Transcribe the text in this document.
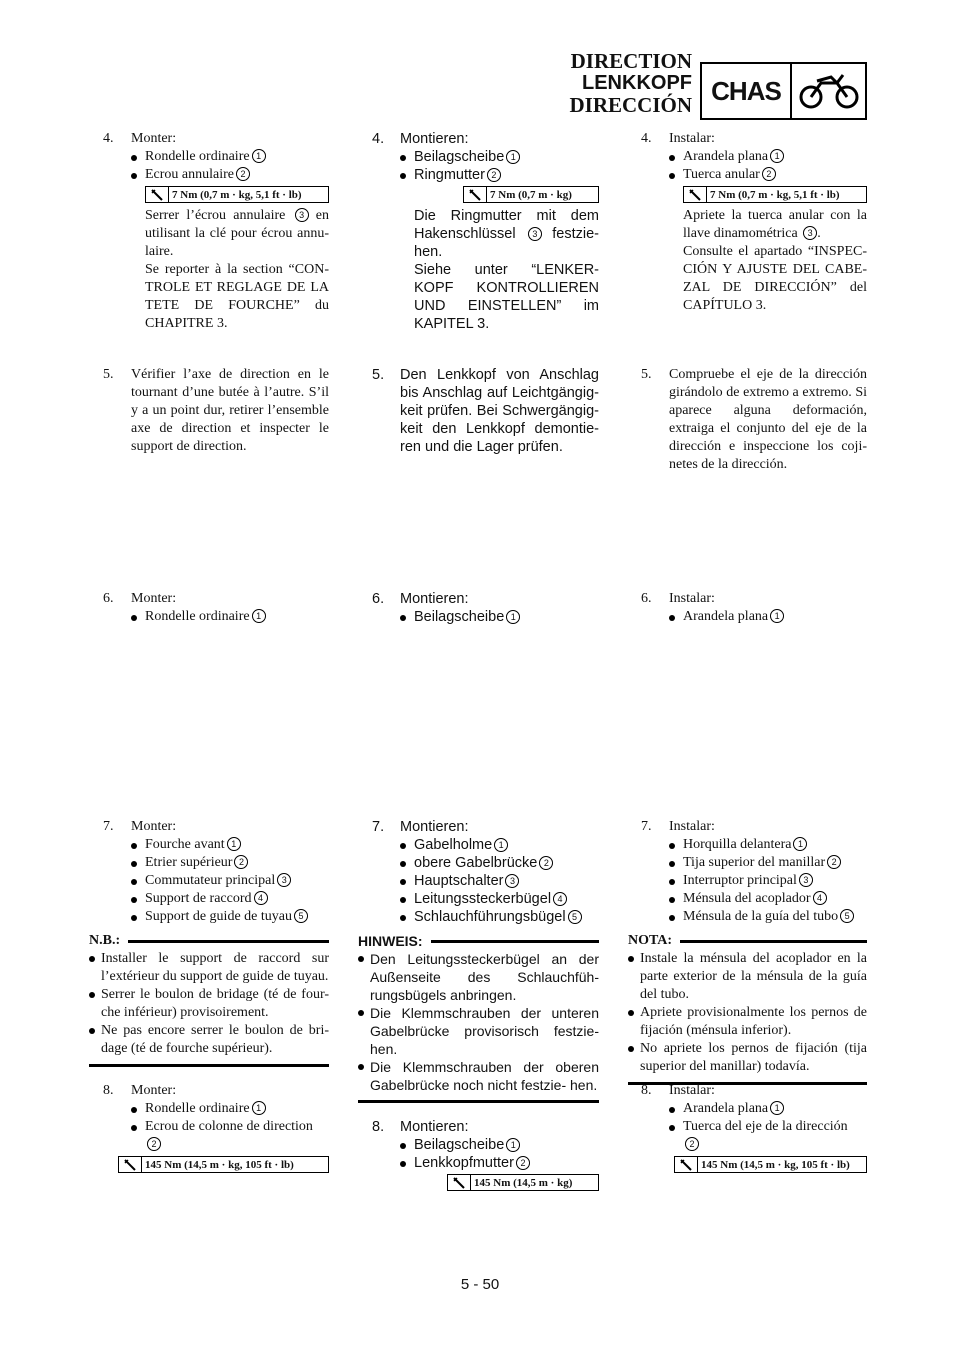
DIRECTION
LENKKOPF
DIRECCIÓN CHAS
4. Monter:
Rondelle ordinaire 1
Ecrou annulaire 2
7 Nm (0,7 m · kg, 5,1 ft · lb)
Serrer l’écrou annulaire 3 en utilisant la clé pour écrou annu- laire.
Se reporter à la section “CON- TROLE ET REGLAGE DE LA TETE DE FOURCHE” du CHAPITRE 3.
5. Vérifier l’axe de direction en le tournant d’une butée à l’autre. S’il y a un point dur, retirer l’ensemble axe de direction et inspecter le support de direction.
6. Monter:
Rondelle ordinaire 1
7. Monter:
Fourche avant 1
Etrier supérieur 2
Commutateur principal 3
Support de raccord 4
Support de guide de tuyau 5
N.B.:
Installer le support de raccord sur l’extérieur du support de guide de tuyau.
Serrer le boulon de bridage (té de four- che inférieur) provisoirement.
Ne pas encore serrer le boulon de bri- dage (té de fourche supérieur).
8. Monter:
Rondelle ordinaire 1
Ecrou de colonne de direction 2
145 Nm (14,5 m · kg, 105 ft · lb)
4. Montieren:
Beilagscheibe 1
Ringmutter 2
7 Nm (0,7 m · kg)
Die Ringmutter mit dem Hakenschlüssel 3 festzie- hen.
Siehe unter “LENKER- KOPF KONTROLLIEREN UND EINSTELLEN” im KAPITEL 3.
5. Den Lenkkopf von Anschlag bis Anschlag auf Leichtgängig- keit prüfen. Bei Schwergängig- keit den Lenkkopf demontie- ren und die Lager prüfen.
6. Montieren:
Beilagscheibe 1
7. Montieren:
Gabelholme 1
obere Gabelbrücke 2
Hauptschalter 3
Leitungssteckerbügel 4
Schlauchführungsbügel 5
HINWEIS:
Den Leitungssteckerbügel an der Außenseite des Schlauchfüh- rungsbügels anbringen.
Die Klemmschrauben der unteren Gabelbrücke provisorisch festzie- hen.
Die Klemmschrauben der oberen Gabelbrücke noch nicht festzie- hen.
8. Montieren:
Beilagscheibe 1
Lenkkopfmutter 2
145 Nm (14,5 m · kg)
4. Instalar:
Arandela plana 1
Tuerca anular 2
7 Nm (0,7 m · kg, 5,1 ft · lb)
Apriete la tuerca anular con la llave dinamométrica 3 .
Consulte el apartado “INSPEC- CIÓN Y AJUSTE DEL CABE- ZAL DE DIRECCIÓN” del CAPÍTULO 3.
5. Compruebe el eje de la dirección girándolo de extremo a extremo. Si aparece alguna deformación, extraiga el conjunto del eje de la dirección e inspeccione los coji- netes de la dirección.
6. Instalar:
Arandela plana 1
7. Instalar:
Horquilla delantera 1
Tija superior del manillar 2
Interruptor principal 3
Ménsula del acoplador 4
Ménsula de la guía del tubo 5
NOTA:
Instale la ménsula del acoplador en la parte exterior de la ménsula de la guía del tubo.
Apriete provisionalmente los pernos de fijación (ménsula inferior).
No apriete los pernos de fijación (tija superior del manillar) todavía.
8. Instalar:
Arandela plana 1
Tuerca del eje de la dirección 2
145 Nm (14,5 m · kg, 105 ft · lb)
5 - 50
